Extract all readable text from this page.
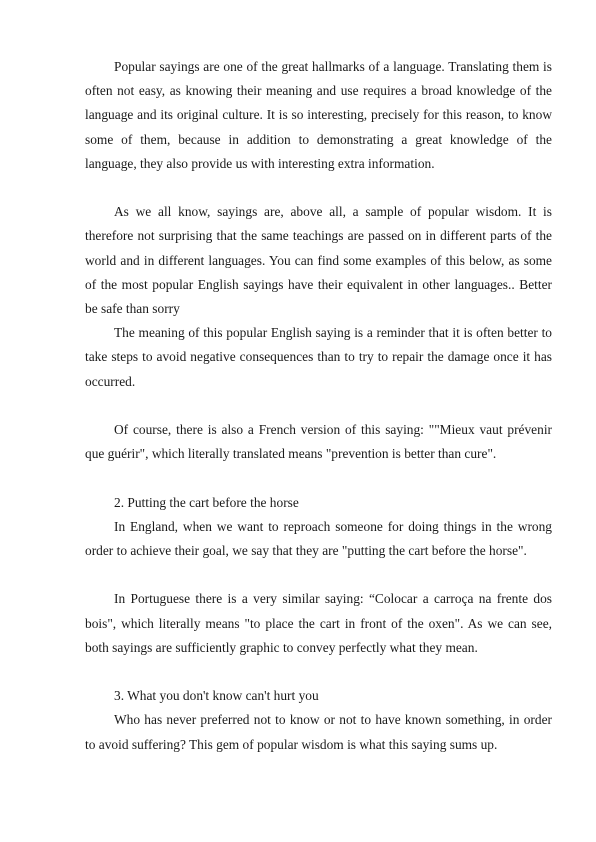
Popular sayings are one of the great hallmarks of a language. Translating them is often not easy, as knowing their meaning and use requires a broad knowledge of the language and its original culture. It is so interesting, precisely for this reason, to know some of them, because in addition to demonstrating a great knowledge of the language, they also provide us with interesting extra information.

As we all know, sayings are, above all, a sample of popular wisdom. It is therefore not surprising that the same teachings are passed on in different parts of the world and in different languages. You can find some examples of this below, as some of the most popular English sayings have their equivalent in other languages.. Better be safe than sorry

The meaning of this popular English saying is a reminder that it is often better to take steps to avoid negative consequences than to try to repair the damage once it has occurred.

Of course, there is also a French version of this saying: ""Mieux vaut prévenir que guérir", which literally translated means "prevention is better than cure".

2. Putting the cart before the horse

In England, when we want to reproach someone for doing things in the wrong order to achieve their goal, we say that they are "putting the cart before the horse".

In Portuguese there is a very similar saying: “Colocar a carroça na frente dos bois", which literally means "to place the cart in front of the oxen". As we can see, both sayings are sufficiently graphic to convey perfectly what they mean.

3. What you don't know can't hurt you

Who has never preferred not to know or not to have known something, in order to avoid suffering? This gem of popular wisdom is what this saying sums up.
